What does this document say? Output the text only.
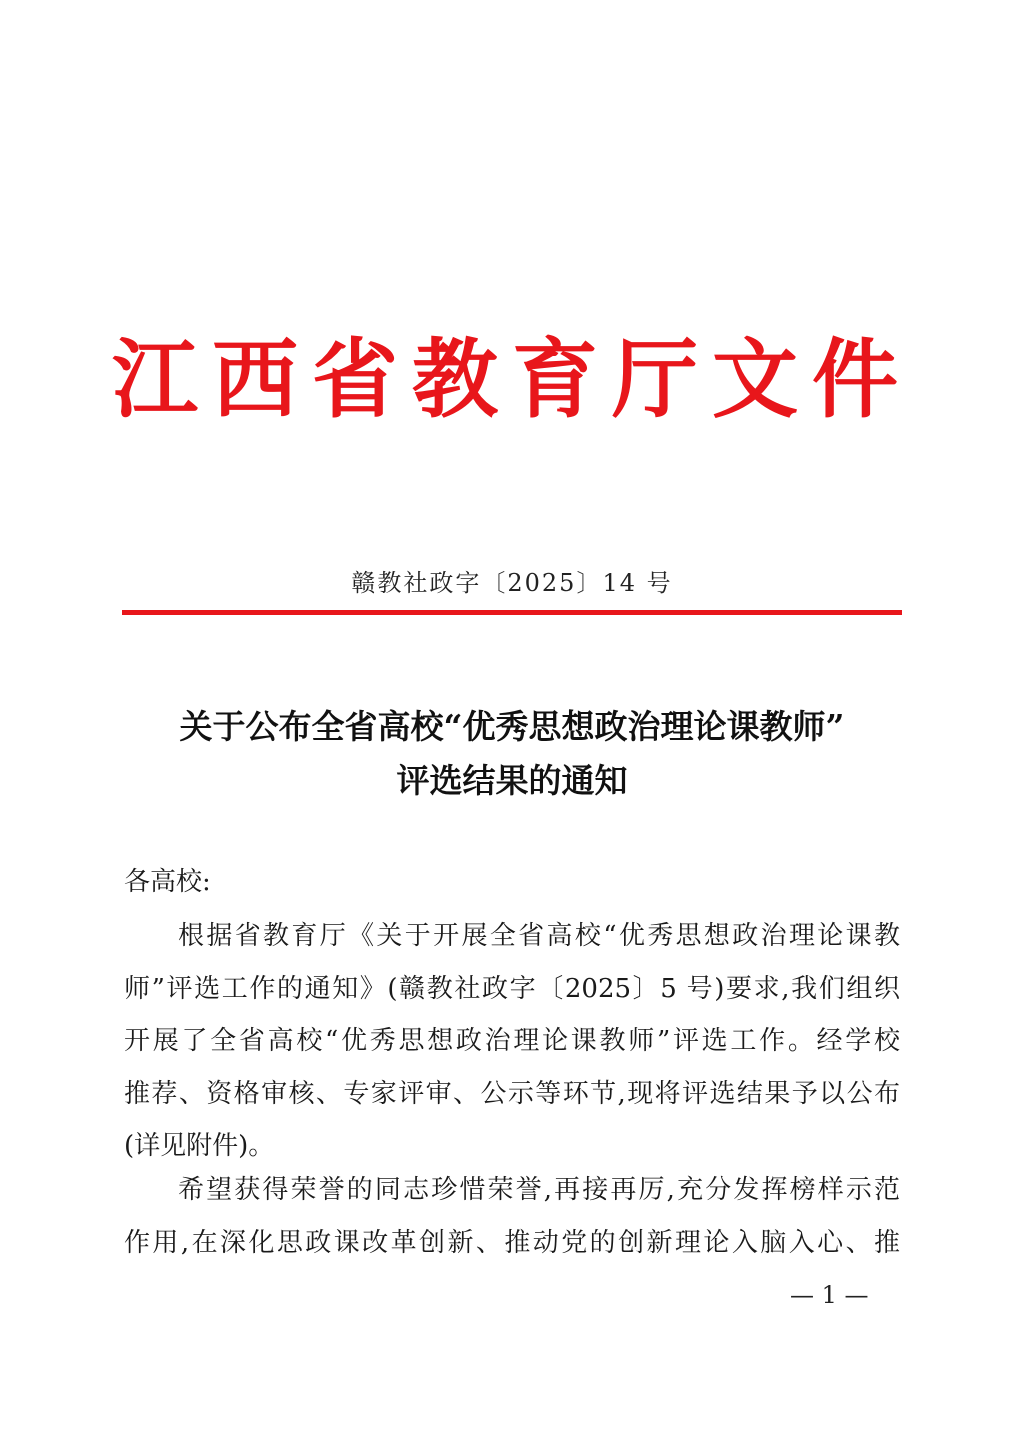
江西省教育厅文件
赣教社政字〔2025〕14 号
关于公布全省高校“优秀思想政治理论课教师”
评选结果的通知
各高校:
根据省教育厅《关于开展全省高校“优秀思想政治理论课教
师”评选工作的通知》(赣教社政字〔2025〕5 号)要求,我们组织
开展了全省高校“优秀思想政治理论课教师”评选工作。经学校
推荐、资格审核、专家评审、公示等环节,现将评选结果予以公布
(详见附件)。
希望获得荣誉的同志珍惜荣誉,再接再厉,充分发挥榜样示范
作用,在深化思政课改革创新、推动党的创新理论入脑入心、推
— 1 —
